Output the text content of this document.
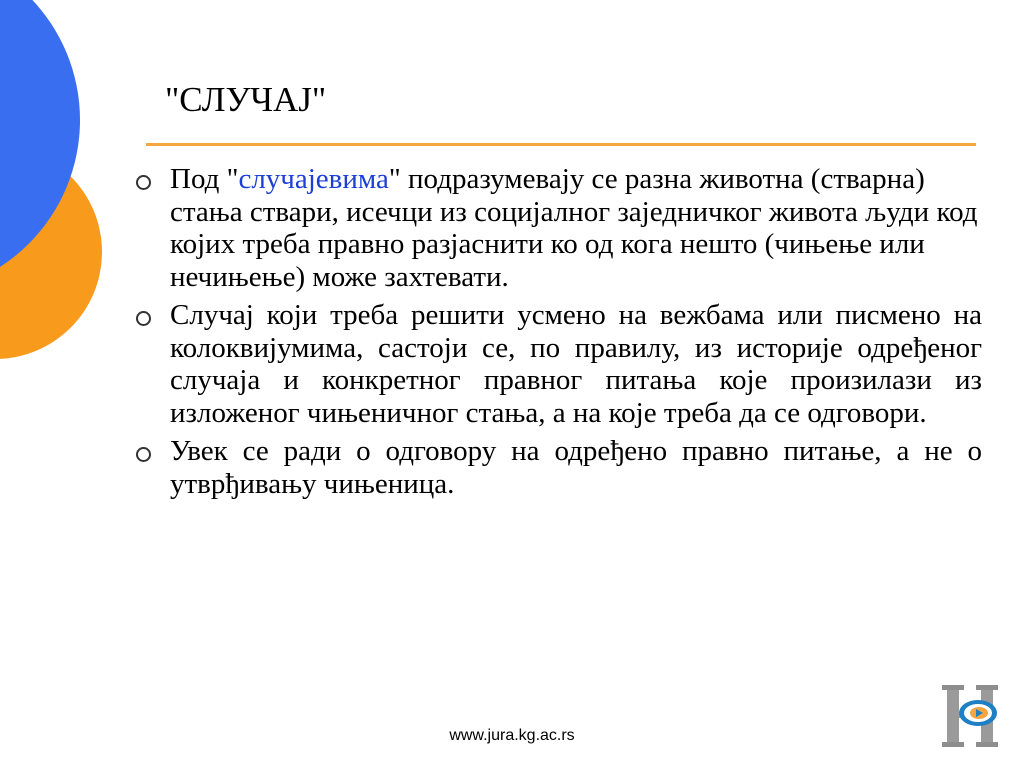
"СЛУЧАЈ"
Под "случајевима" подразумевају се разна животна (стварна) стања ствари, исечци из социјалног заједничког живота људи код којих треба правно разјаснити ко од кога нешто (чињење или нечињење) може захтевати.
Случај који треба решити усмено на вежбама или писмено на колоквијумима, састоји се, по правилу, из историје одређеног случаја и конкретног правног питања које произилази из изложеног чињеничног стања, а на које треба да се одговори.
Увек се ради о одговору на одређено правно питање, а не о утврђивању чињеница.
www.jura.kg.ac.rs
